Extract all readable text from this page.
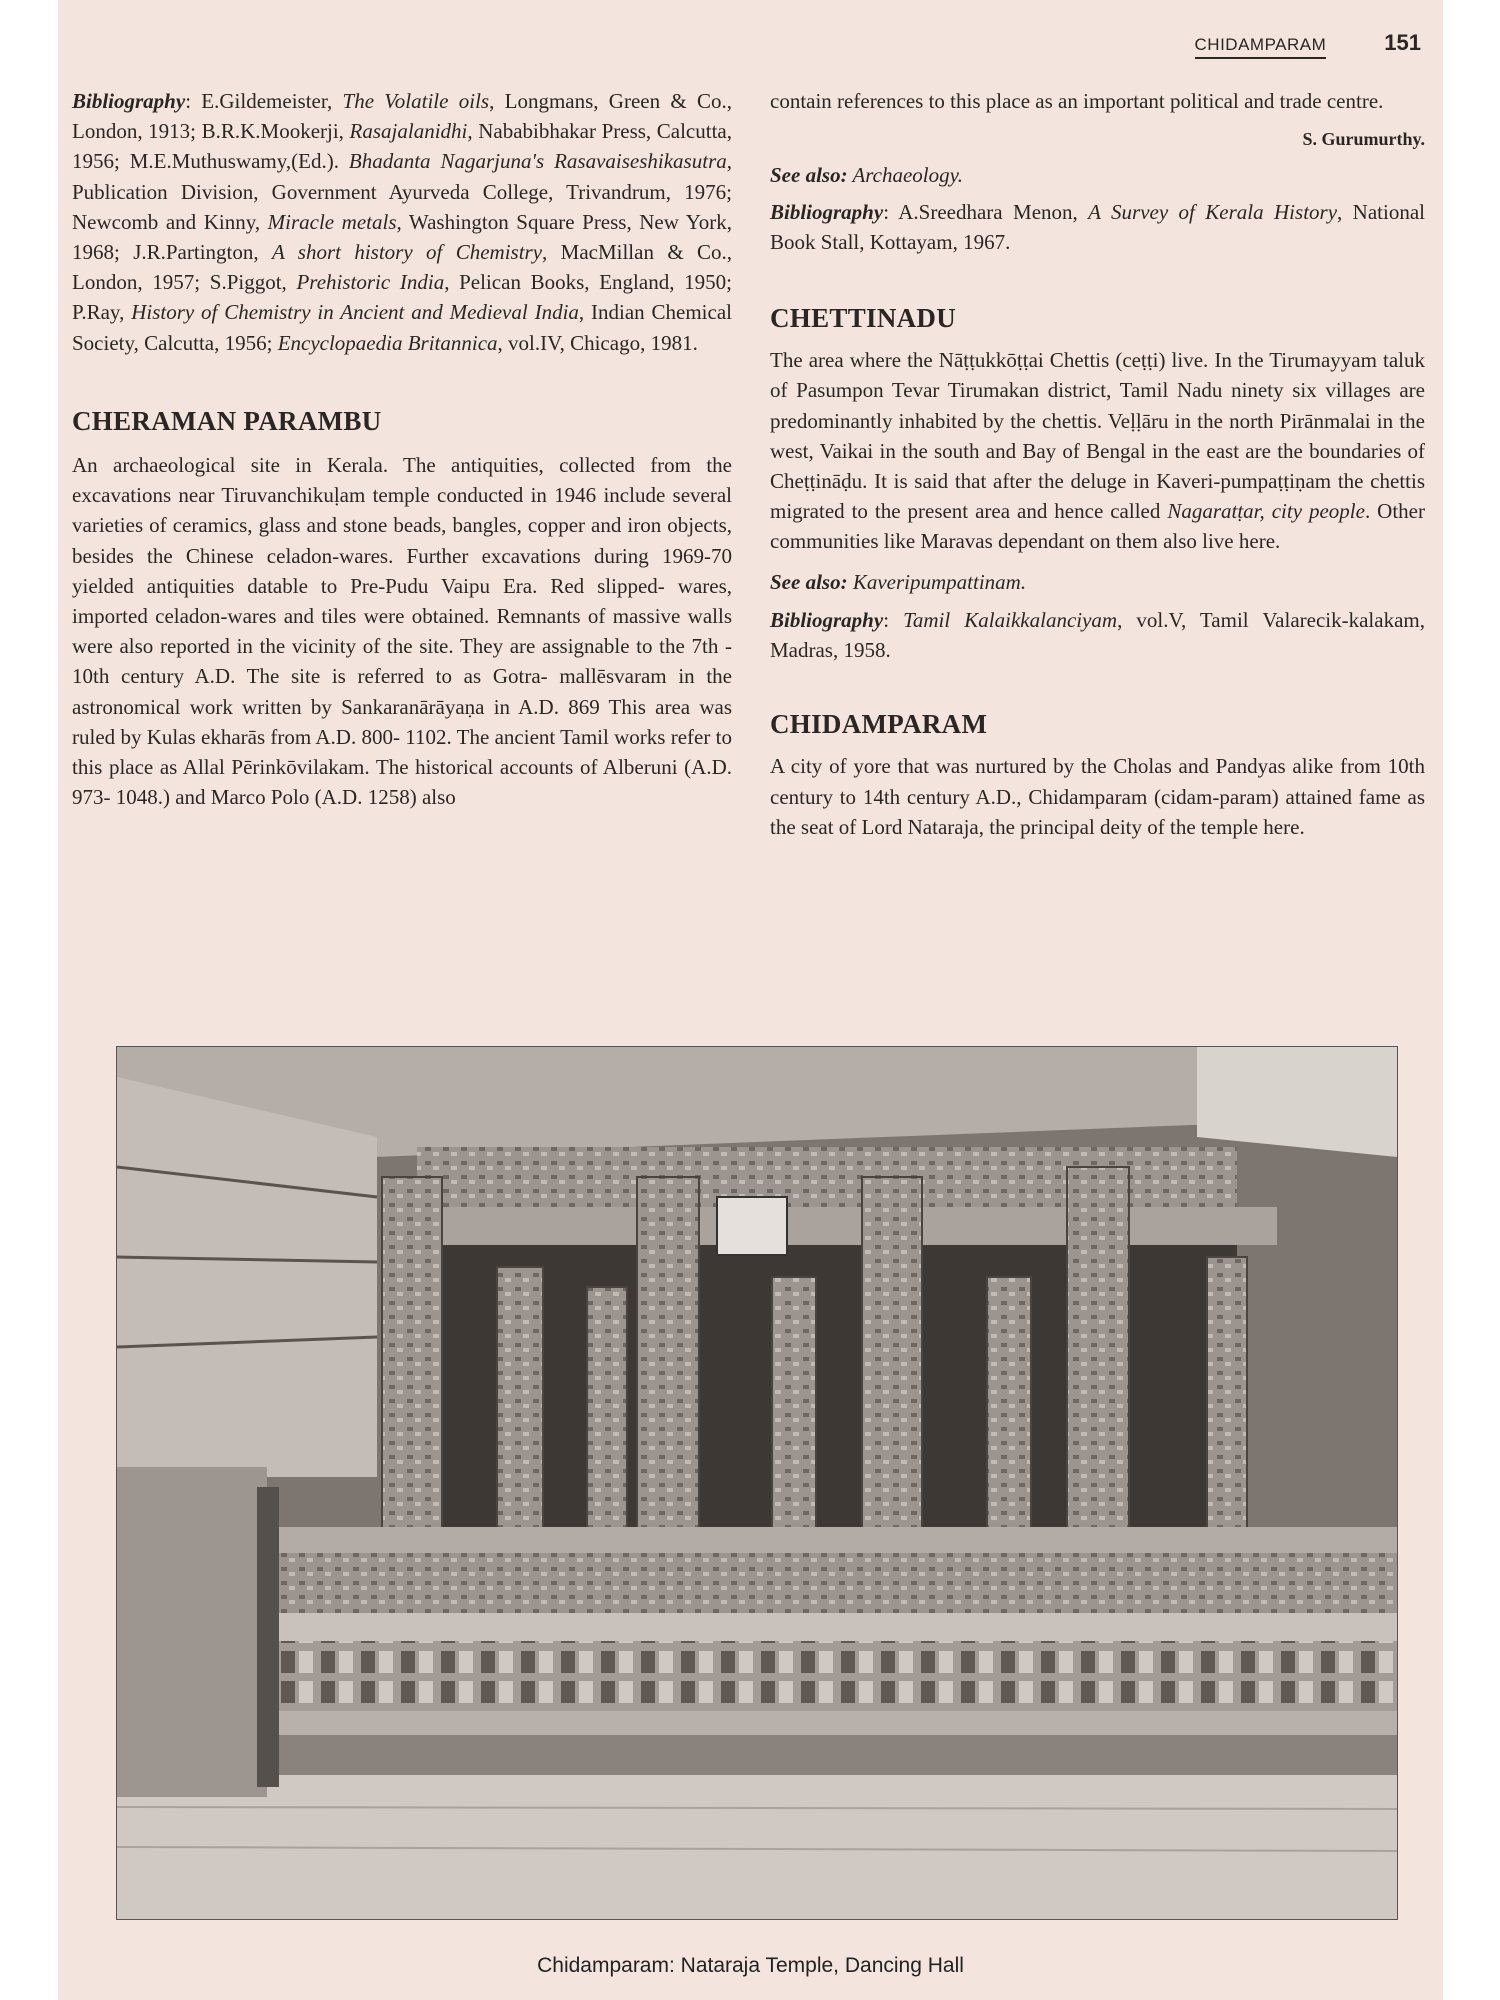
CHIDAMPARAM	151

Bibliography: E.Gildemeister, The Volatile oils, Longmans, Green & Co., London, 1913; B.R.K.Mookerji, Rasajalanidhi, Nababibhakar Press, Calcutta, 1956; M.E.Muthuswamy,(Ed.). Bhadanta Nagarjuna's Rasavaiseshikasutra, Publication Division, Government Ayurveda College, Trivandrum, 1976; Newcomb and Kinny, Miracle metals, Washington Square Press, New York, 1968; J.R.Partington, A short history of Chemistry, MacMillan & Co., London, 1957; S.Piggot, Prehistoric India, Pelican Books, England, 1950; P.Ray, History of Chemistry in Ancient and Medieval India, Indian Chemical Society, Calcutta, 1956; Encyclopaedia Britannica, vol.IV, Chicago, 1981.

CHERAMAN PARAMBU

An archaeological site in Kerala. The antiquities, collected from the excavations near Tiruvanchikuḷam temple conducted in 1946 include several varieties of ceramics, glass and stone beads, bangles, copper and iron objects, besides the Chinese celadon-wares. Further excavations during 1969-70 yielded antiquities datable to Pre-Pudu Vaipu Era. Red slipped- wares, imported celadon-wares and tiles were obtained. Remnants of massive walls were also reported in the vicinity of the site. They are assignable to the 7th - 10th century A.D. The site is referred to as Gotra- mallēsvaram in the astronomical work written by Sankaranārāyaṇa in A.D. 869 This area was ruled by Kulas ekharās from A.D. 800- 1102. The ancient Tamil works refer to this place as Allal Pērinkōvilakam. The historical accounts of Alberuni (A.D. 973- 1048.) and Marco Polo (A.D. 1258) also

contain references to this place as an important political and trade centre.

S. Gurumurthy.

See also: Archaeology.

Bibliography: A.Sreedhara Menon, A Survey of Kerala History, National Book Stall, Kottayam, 1967.

CHETTINADU

The area where the Nāṭṭukkōṭṭai Chettis (ceṭṭi) live. In the Tirumayyam taluk of Pasumpon Tevar Tirumakan district, Tamil Nadu ninety six villages are predominantly inhabited by the chettis. Veḷḷāru in the north Pirānmalai in the west, Vaikai in the south and Bay of Bengal in the east are the boundaries of Cheṭṭināḍu. It is said that after the deluge in Kaveri-pumpaṭṭiṇam the chettis migrated to the present area and hence called Nagaratṭar, city people. Other communities like Maravas dependant on them also live here.

See also: Kaveripumpattinam.

Bibliography: Tamil Kalaikkalanciyam, vol.V, Tamil Valarecik-kalakam, Madras, 1958.

CHIDAMPARAM

A city of yore that was nurtured by the Cholas and Pandyas alike from 10th century to 14th century A.D., Chidamparam (cidam-param) attained fame as the seat of Lord Nataraja, the principal deity of the temple here.

Chidamparam: Nataraja Temple, Dancing Hall
